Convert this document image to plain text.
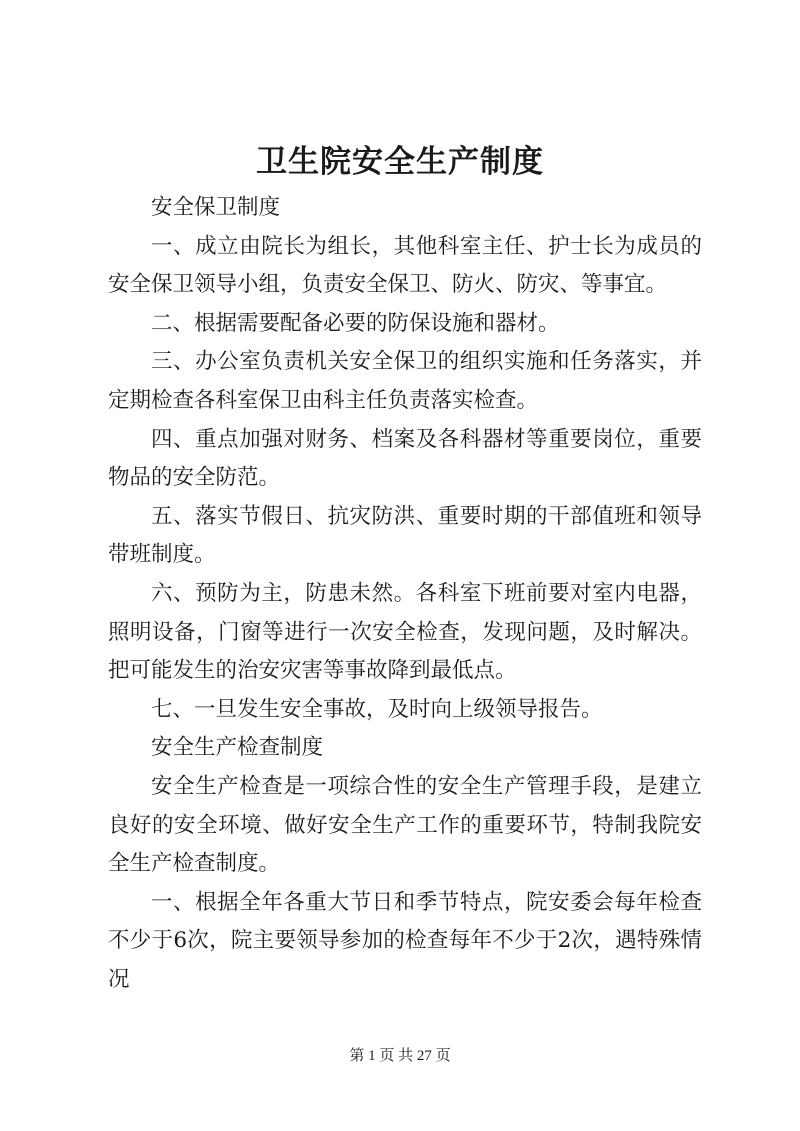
卫生院安全生产制度

安全保卫制度

一、成立由院长为组长，其他科室主任、护士长为成员的安全保卫领导小组，负责安全保卫、防火、防灾、等事宜。

二、根据需要配备必要的防保设施和器材。

三、办公室负责机关安全保卫的组织实施和任务落实，并定期检查各科室保卫由科主任负责落实检查。

四、重点加强对财务、档案及各科器材等重要岗位，重要物品的安全防范。

五、落实节假日、抗灾防洪、重要时期的干部值班和领导带班制度。

六、预防为主，防患未然。各科室下班前要对室内电器，照明设备，门窗等进行一次安全检查，发现问题，及时解决。把可能发生的治安灾害等事故降到最低点。

七、一旦发生安全事故，及时向上级领导报告。

安全生产检查制度

安全生产检查是一项综合性的安全生产管理手段，是建立良好的安全环境、做好安全生产工作的重要环节，特制我院安全生产检查制度。

一、根据全年各重大节日和季节特点，院安委会每年检查不少于6次，院主要领导参加的检查每年不少于2次，遇特殊情况

第 1 页 共 27 页
